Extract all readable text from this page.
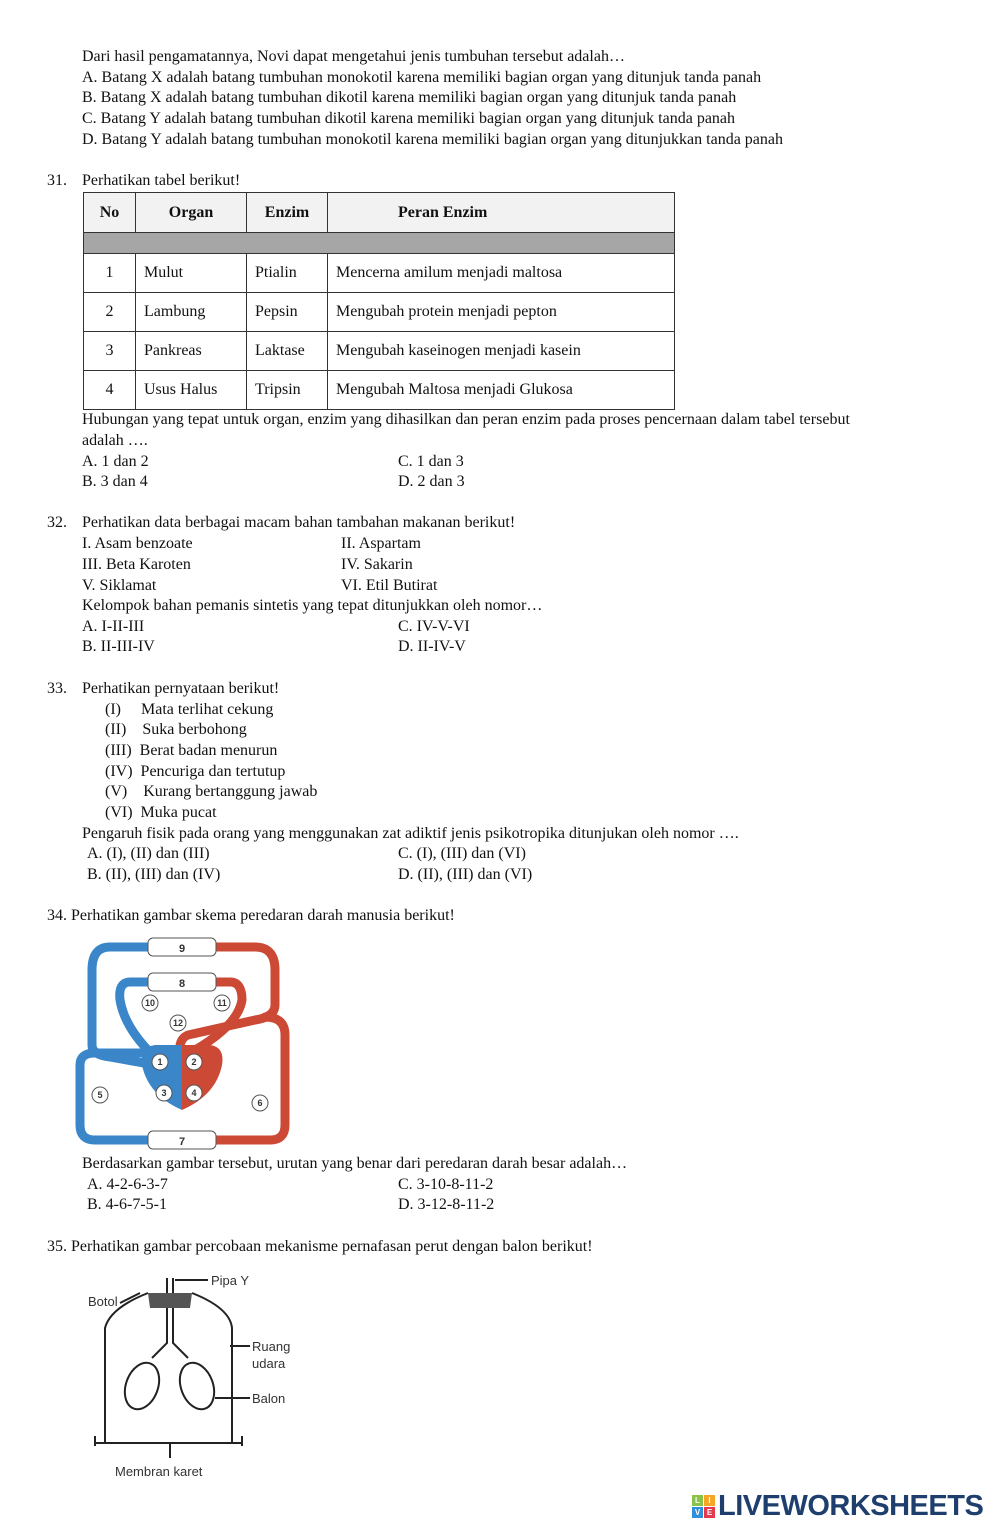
Dari hasil pengamatannya, Novi dapat mengetahui jenis tumbuhan tersebut adalah…
A. Batang X adalah batang tumbuhan monokotil karena memiliki bagian organ yang ditunjuk tanda panah
B. Batang X adalah batang tumbuhan dikotil karena memiliki bagian organ yang ditunjuk tanda panah
C. Batang Y adalah batang tumbuhan dikotil karena memiliki bagian organ yang ditunjuk tanda panah
D. Batang Y adalah batang tumbuhan monokotil karena memiliki bagian organ yang ditunjukkan tanda panah
31. Perhatikan tabel berikut!
No	Organ	Enzim	Peran Enzim

1	Mulut	Ptialin	Mencerna amilum menjadi maltosa
2	Lambung	Pepsin	Mengubah protein menjadi pepton
3	Pankreas	Laktase	Mengubah kaseinogen menjadi kasein
4	Usus Halus	Tripsin	Mengubah Maltosa menjadi Glukosa
Hubungan yang tepat untuk organ, enzim yang dihasilkan dan peran enzim pada proses pencernaan dalam tabel tersebut
adalah ….
A. 1 dan 2	C. 1 dan 3
B. 3 dan 4	D. 2 dan 3
32. Perhatikan data berbagai macam bahan tambahan makanan berikut!
I. Asam benzoate	II. Aspartam
III. Beta Karoten	IV. Sakarin
V. Siklamat	VI. Etil Butirat
Kelompok bahan pemanis sintetis yang tepat ditunjukkan oleh nomor…
A. I-II-III	C. IV-V-VI
B. II-III-IV	D. II-IV-V
33. Perhatikan pernyataan berikut!
(I)     Mata terlihat cekung
(II)    Suka berbohong
(III)  Berat badan menurun
(IV)  Pencuriga dan tertutup
(V)    Kurang bertanggung jawab
(VI)  Muka pucat
Pengaruh fisik pada orang yang menggunakan zat adiktif jenis psikotropika ditunjukan oleh nomor ….
A. (I), (II) dan (III)	C. (I), (III) dan (VI)
B. (II), (III) dan (IV)	D. (II), (III) dan (VI)
34. Perhatikan gambar skema peredaran darah manusia berikut!
9
8
7
10	11
12
5
6
1	2
3	4
Berdasarkan gambar tersebut, urutan yang benar dari peredaran darah besar adalah…
A. 4-2-6-3-7	C. 3-10-8-11-2
B. 4-6-7-5-1	D. 3-12-8-11-2
35. Perhatikan gambar percobaan mekanisme pernafasan perut dengan balon berikut!
Pipa Y
Botol
Ruang
udara
Balon
Membran karet
L	I
V E LIVEWORKSHEETS
